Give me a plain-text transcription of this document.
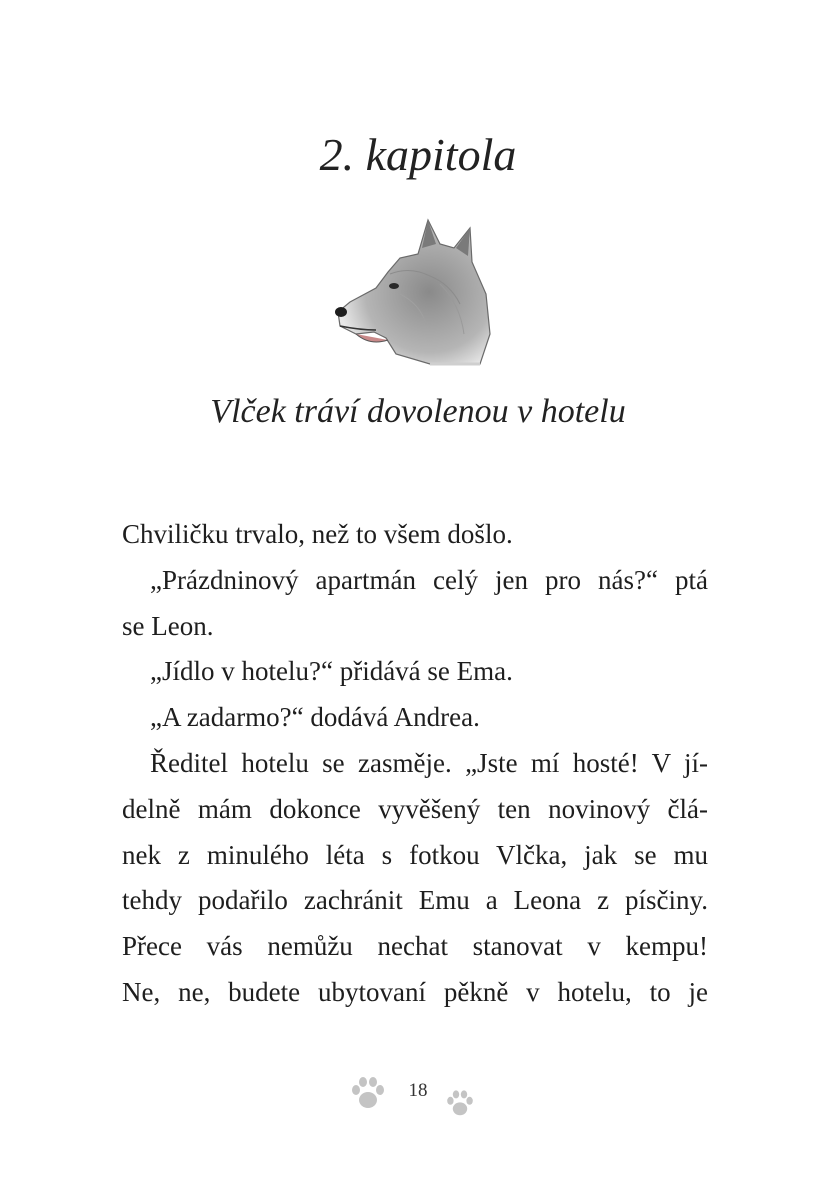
2. kapitola
Vlček tráví dovolenou v hotelu
Chviličku trvalo, než to všem došlo.
„Prázdninový apartmán celý jen pro nás?“ ptá
se Leon.
„Jídlo v hotelu?“ přidává se Ema.
„A zadarmo?“ dodává Andrea.
Ředitel hotelu se zasměje. „Jste mí hosté! V jí-
delně mám dokonce vyvěšený ten novinový člá-
nek z minulého léta s fotkou Vlčka, jak se mu
tehdy podařilo zachránit Emu a Leona z písčiny.
Přece vás nemůžu nechat stanovat v kempu!
Ne, ne, budete ubytovaní pěkně v hotelu, to je
18
